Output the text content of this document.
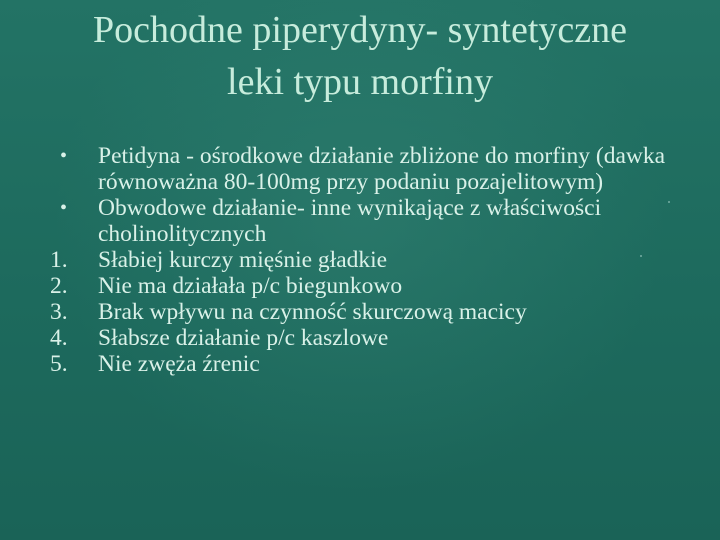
Pochodne piperydyny- syntetyczne
leki typu morfiny
•	Petidyna - ośrodkowe działanie zbliżone do morfiny (dawka równoważna 80-100mg przy podaniu pozajelitowym)
•	Obwodowe działanie- inne wynikające z właściwości cholinolitycznych
1.	Słabiej kurczy mięśnie gładkie
2.	Nie ma działała p/c biegunkowo
3.	Brak wpływu na czynność skurczową macicy
4.	Słabsze działanie p/c kaszlowe
5.	Nie zwęża źrenic
